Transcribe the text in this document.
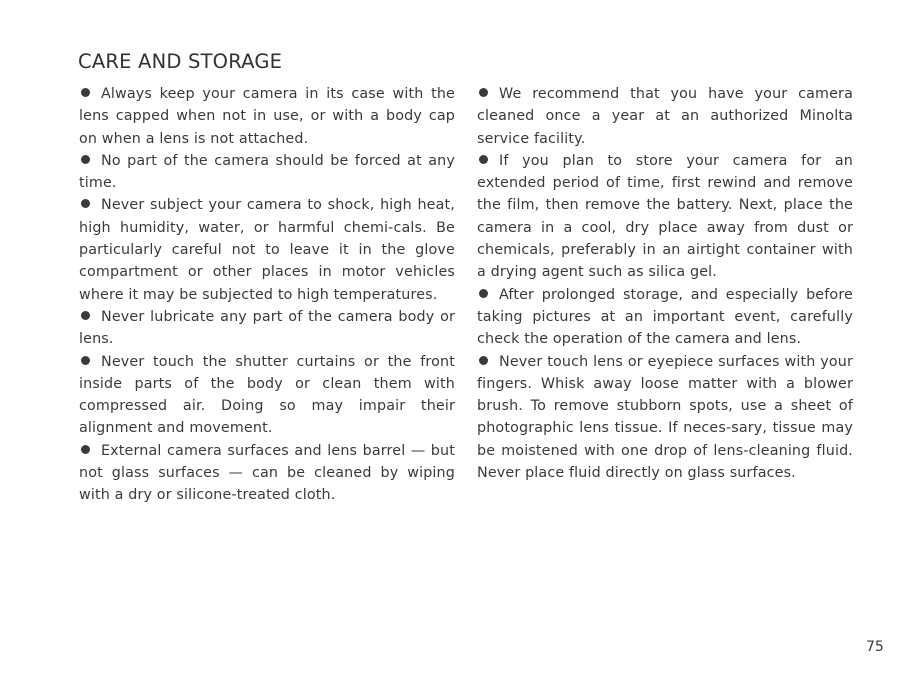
CARE AND STORAGE

Always keep your camera in its case with the lens capped when not in use, or with a body cap on when a lens is not attached.

No part of the camera should be forced at any time.

Never subject your camera to shock, high heat, high humidity, water, or harmful chemi-cals. Be particularly careful not to leave it in the glove compartment or other places in motor vehicles where it may be subjected to high temperatures.

Never lubricate any part of the camera body or lens.

Never touch the shutter curtains or the front inside parts of the body or clean them with compressed air. Doing so may impair their alignment and movement.

External camera surfaces and lens barrel — but not glass surfaces — can be cleaned by wiping with a dry or silicone-treated cloth.

We recommend that you have your camera cleaned once a year at an authorized Minolta service facility.

If you plan to store your camera for an extended period of time, first rewind and remove the film, then remove the battery. Next, place the camera in a cool, dry place away from dust or chemicals, preferably in an airtight container with a drying agent such as silica gel.

After prolonged storage, and especially before taking pictures at an important event, carefully check the operation of the camera and lens.

Never touch lens or eyepiece surfaces with your fingers. Whisk away loose matter with a blower brush. To remove stubborn spots, use a sheet of photographic lens tissue. If neces-sary, tissue may be moistened with one drop of lens-cleaning fluid. Never place fluid directly on glass surfaces.

75
